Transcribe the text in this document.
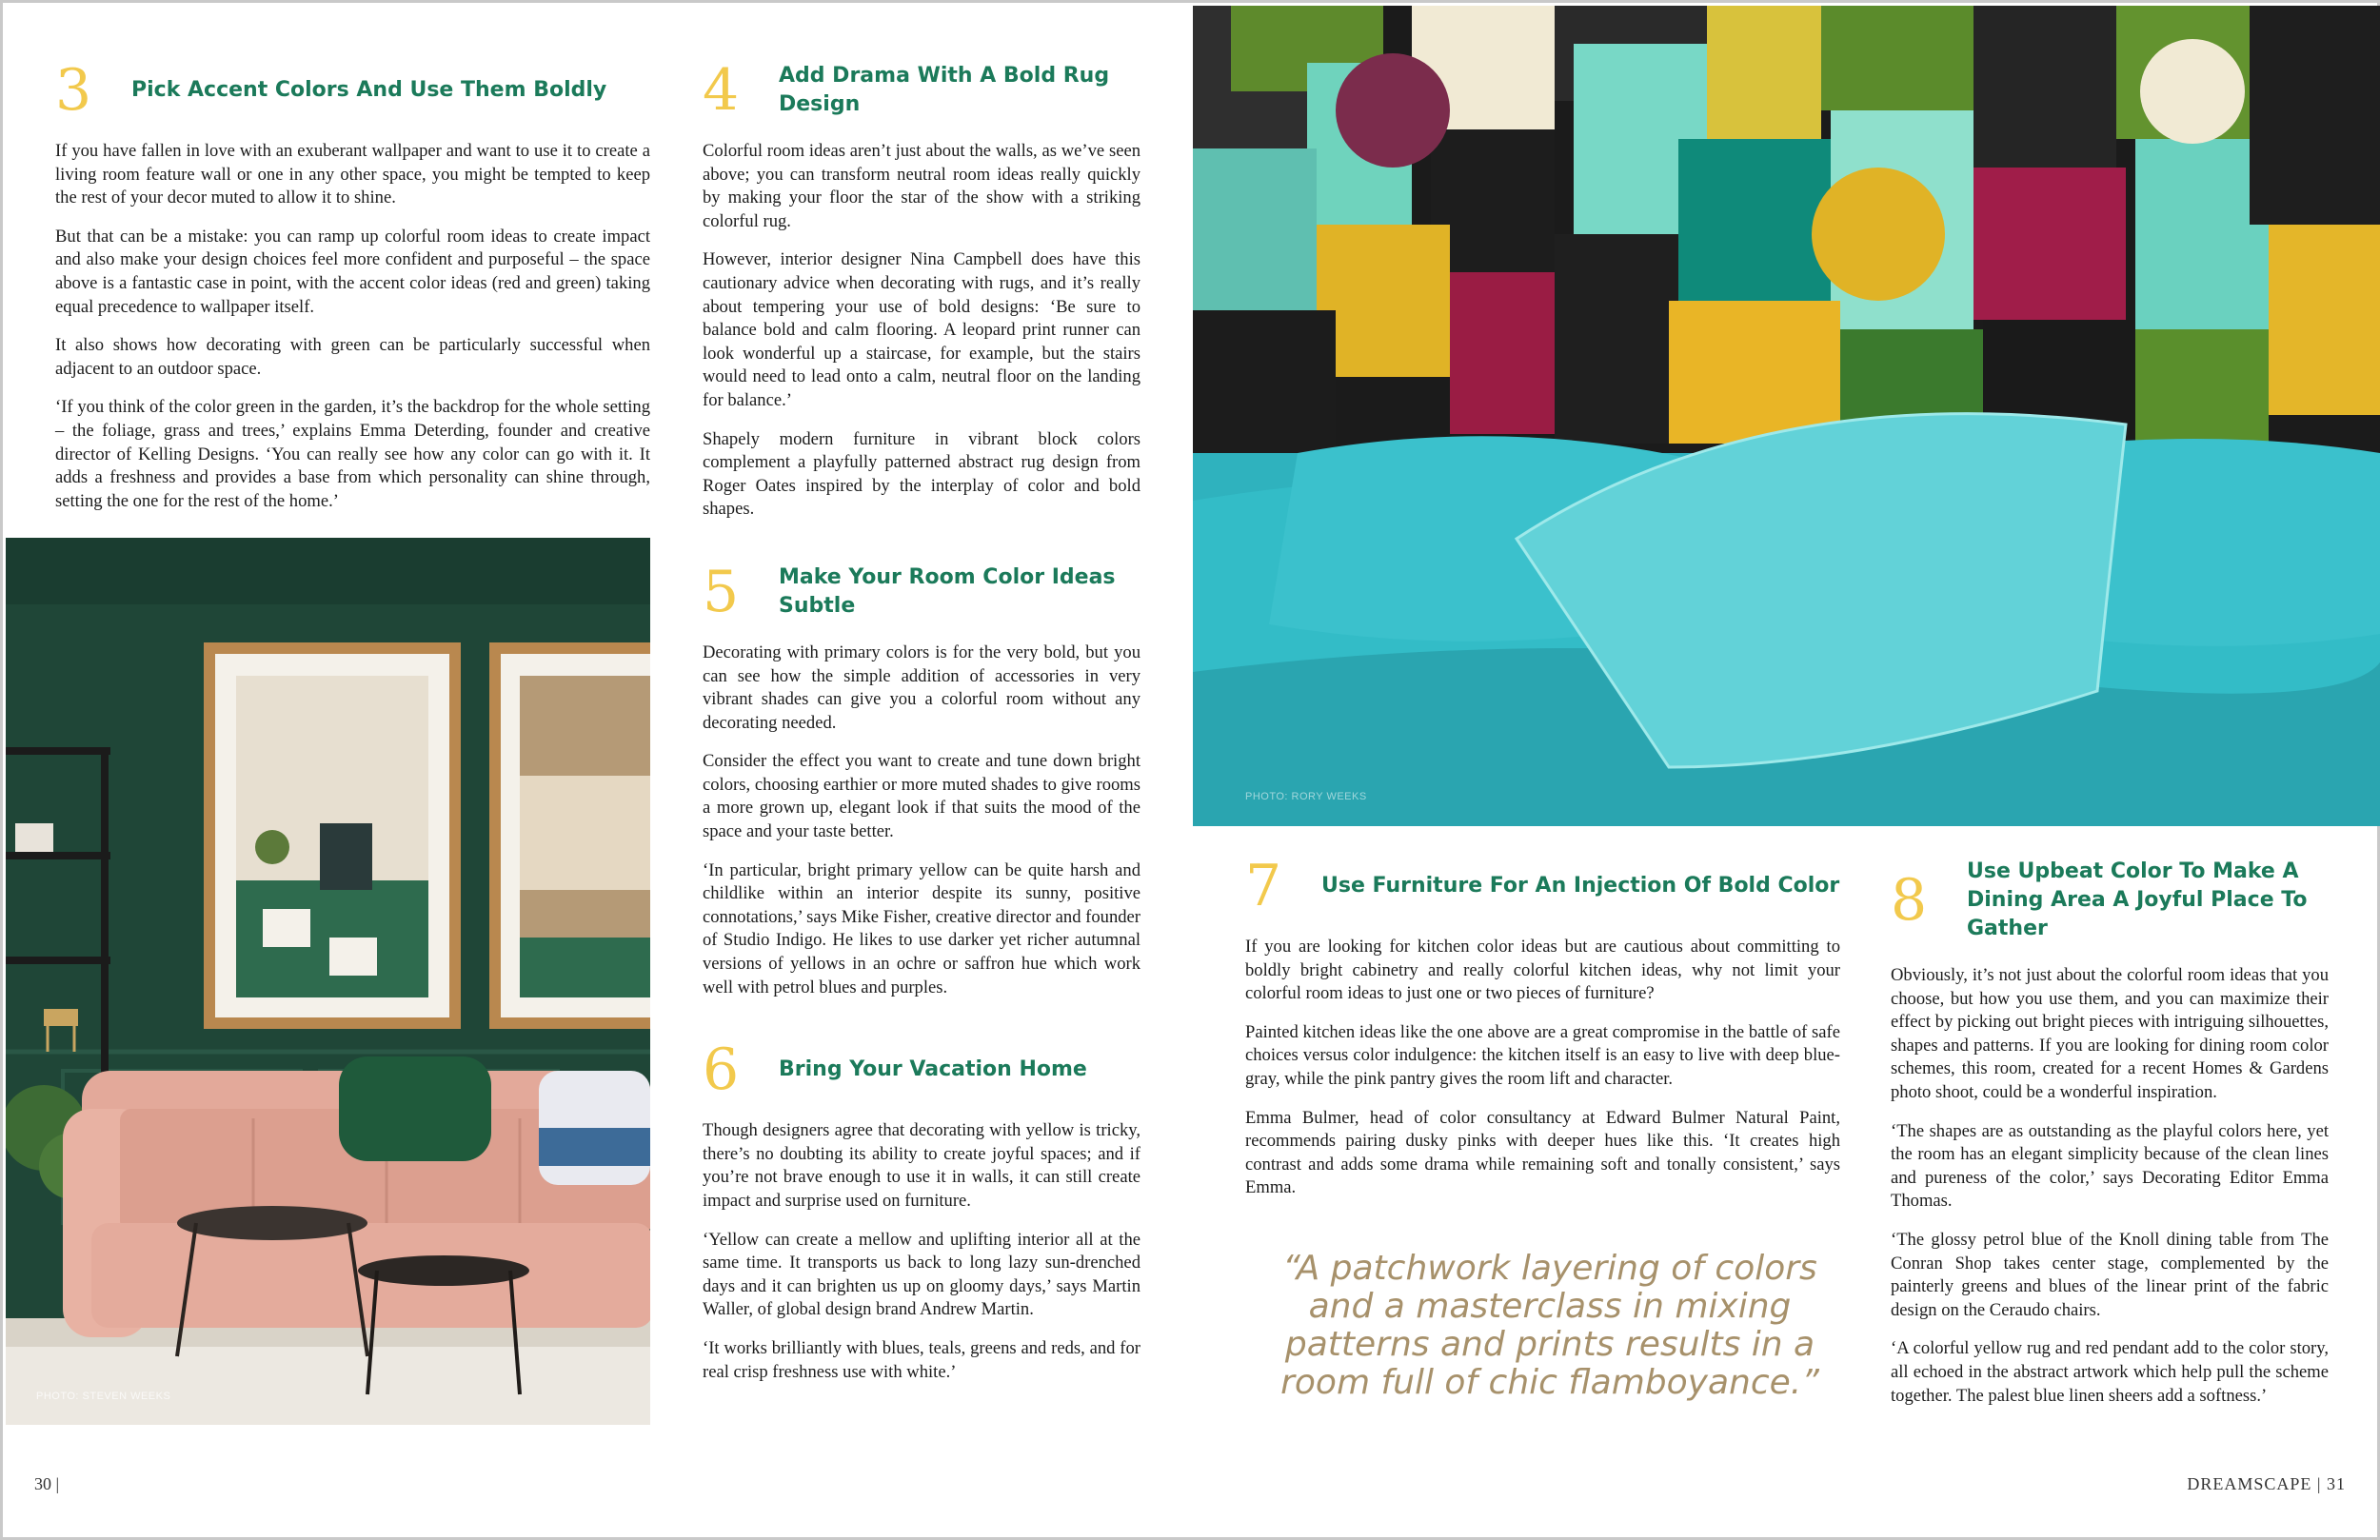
3	Pick Accent Colors And Use Them Boldly

If you have fallen in love with an exuberant wallpaper and want to use it to create a living room feature wall or one in any other space, you might be tempted to keep the rest of your decor muted to allow it to shine.

But that can be a mistake: you can ramp up colorful room ideas to create impact and also make your design choices feel more confident and purposeful – the space above is a fantastic case in point, with the accent color ideas (red and green) taking equal precedence to wallpaper itself.

It also shows how decorating with green can be particularly successful when adjacent to an outdoor space.

‘If you think of the color green in the garden, it’s the backdrop for the whole setting – the foliage, grass and trees,’ explains Emma Deterding, founder and creative director of Kelling Designs. ‘You can really see how any color can go with it. It adds a freshness and provides a base from which personality can shine through, setting the one for the rest of the home.’

PHOTO: STEVEN WEEKS
4	Add Drama With A Bold Rug Design

Colorful room ideas aren’t just about the walls, as we’ve seen above; you can transform neutral room ideas really quickly by making your floor the star of the show with a striking colorful rug.

However, interior designer Nina Campbell does have this cautionary advice when decorating with rugs, and it’s really about tempering your use of bold designs: ‘Be sure to balance bold and calm flooring. A leopard print runner can look wonderful up a staircase, for example, but the stairs would need to lead onto a calm, neutral floor on the landing for balance.’

Shapely modern furniture in vibrant block colors complement a playfully patterned abstract rug design from Roger Oates inspired by the interplay of color and bold shapes.

5	Make Your Room Color Ideas Subtle

Decorating with primary colors is for the very bold, but you can see how the simple addition of accessories in very vibrant shades can give you a colorful room without any decorating needed.

Consider the effect you want to create and tune down bright colors, choosing earthier or more muted shades to give rooms a more grown up, elegant look if that suits the mood of the space and your taste better.

‘In particular, bright primary yellow can be quite harsh and childlike within an interior despite its sunny, positive connotations,’ says Mike Fisher, creative director and founder of Studio Indigo. He likes to use darker yet richer autumnal versions of yellows in an ochre or saffron hue which work well with petrol blues and purples.

6	Bring Your Vacation Home

Though designers agree that decorating with yellow is tricky, there’s no doubting its ability to create joyful spaces; and if you’re not brave enough to use it in walls, it can still create impact and surprise used on furniture.

‘Yellow can create a mellow and uplifting interior all at the same time. It transports us back to long lazy sun-drenched days and it can brighten us up on gloomy days,’ says Martin Waller, of global design brand Andrew Martin.

‘It works brilliantly with blues, teals, greens and reds, and for real crisp freshness use with white.’

PHOTO: RORY WEEKS
7	Use Furniture For An Injection Of Bold Color

If you are looking for kitchen color ideas but are cautious about committing to boldly bright cabinetry and really colorful kitchen ideas, why not limit your colorful room ideas to just one or two pieces of furniture?

Painted kitchen ideas like the one above are a great compromise in the battle of safe choices versus color indulgence: the kitchen itself is an easy to live with deep blue-gray, while the pink pantry gives the room lift and character.

Emma Bulmer, head of color consultancy at Edward Bulmer Natural Paint, recommends pairing dusky pinks with deeper hues like this. ‘It creates high contrast and adds some drama while remaining soft and tonally consistent,’ says Emma.

“A patchwork layering of colors and a masterclass in mixing patterns and prints results in a room full of chic flamboyance.”
8	Use Upbeat Color To Make A Dining Area A Joyful Place To Gather

Obviously, it’s not just about the colorful room ideas that you choose, but how you use them, and you can maximize their effect by picking out bright pieces with intriguing silhouettes, shapes and patterns. If you are looking for dining room color schemes, this room, created for a recent Homes & Gardens photo shoot, could be a wonderful inspiration.

‘The shapes are as outstanding as the playful colors here, yet the room has an elegant simplicity because of the clean lines and pureness of the color,’ says Decorating Editor Emma Thomas.

‘The glossy petrol blue of the Knoll dining table from The Conran Shop takes center stage, complemented by the painterly greens and blues of the linear print of the fabric design on the Ceraudo chairs.

‘A colorful yellow rug and red pendant add to the color story, all echoed in the abstract artwork which help pull the scheme together. The palest blue linen sheers add a softness.’

30 |	DREAMSCAPE | 31
